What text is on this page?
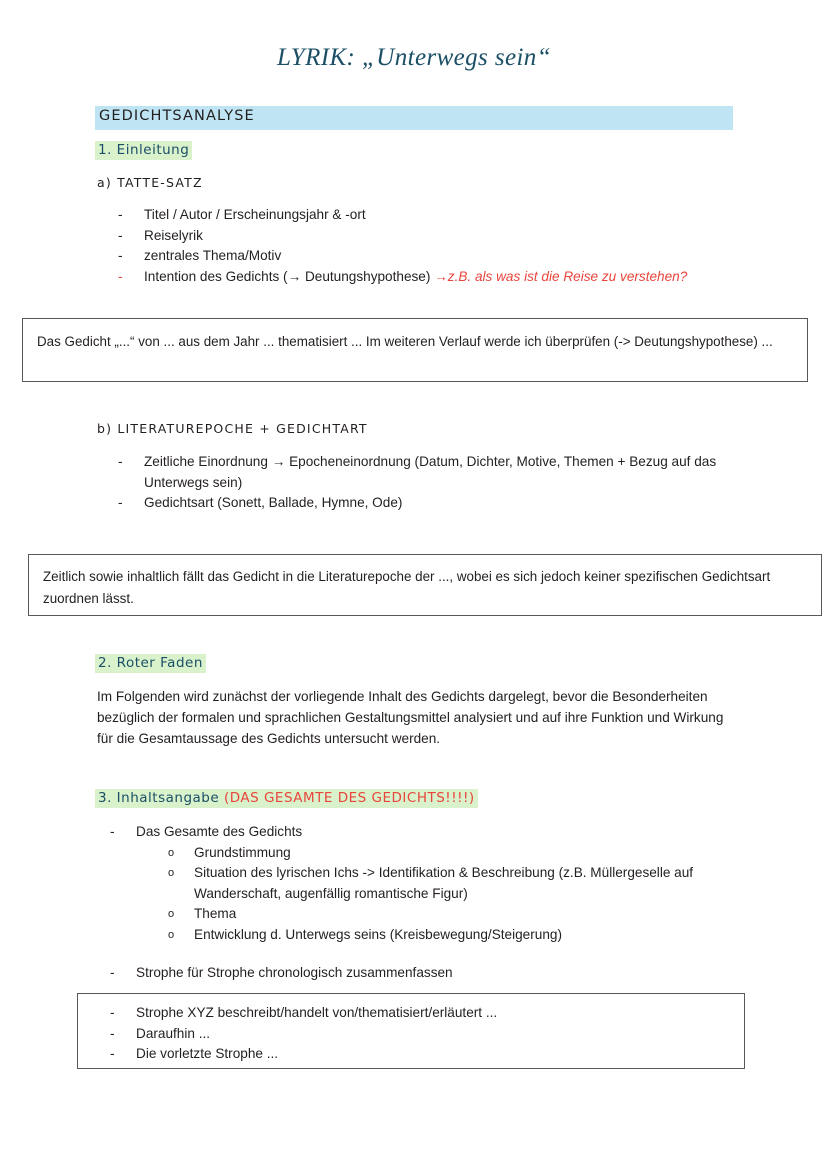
LYRIK: „Unterwegs sein“
GEDICHTSANALYSE
1. Einleitung
a) TATTE-SATZ
-	Titel / Autor / Erscheinungsjahr & -ort
-	Reiselyrik
-	zentrales Thema/Motiv
-	Intention des Gedichts (→ Deutungshypothese) →z.B. als was ist die Reise zu verstehen?
Das Gedicht „...“ von ... aus dem Jahr ... thematisiert ... Im weiteren Verlauf werde ich überprüfen (-> Deutungshypothese) ...
b) LITERATUREPOCHE + GEDICHTART
-	Zeitliche Einordnung → Epocheneinordnung (Datum, Dichter, Motive, Themen + Bezug auf das Unterwegs sein)
-	Gedichtsart (Sonett, Ballade, Hymne, Ode)
Zeitlich sowie inhaltlich fällt das Gedicht in die Literaturepoche der ..., wobei es sich jedoch keiner spezifischen Gedichtsart zuordnen lässt.
2. Roter Faden
Im Folgenden wird zunächst der vorliegende Inhalt des Gedichts dargelegt, bevor die Besonderheiten bezüglich der formalen und sprachlichen Gestaltungsmittel analysiert und auf ihre Funktion und Wirkung für die Gesamtaussage des Gedichts untersucht werden.
3. Inhaltsangabe (DAS GESAMTE DES GEDICHTS!!!!)
-	Das Gesamte des Gedichts
o	Grundstimmung
o	Situation des lyrischen Ichs -> Identifikation & Beschreibung (z.B. Müllergeselle auf Wanderschaft, augenfällig romantische Figur)
o	Thema
o	Entwicklung d. Unterwegs seins (Kreisbewegung/Steigerung)
-	Strophe für Strophe chronologisch zusammenfassen
-	Strophe XYZ beschreibt/handelt von/thematisiert/erläutert ...
-	Daraufhin ...
-	Die vorletzte Strophe ...
